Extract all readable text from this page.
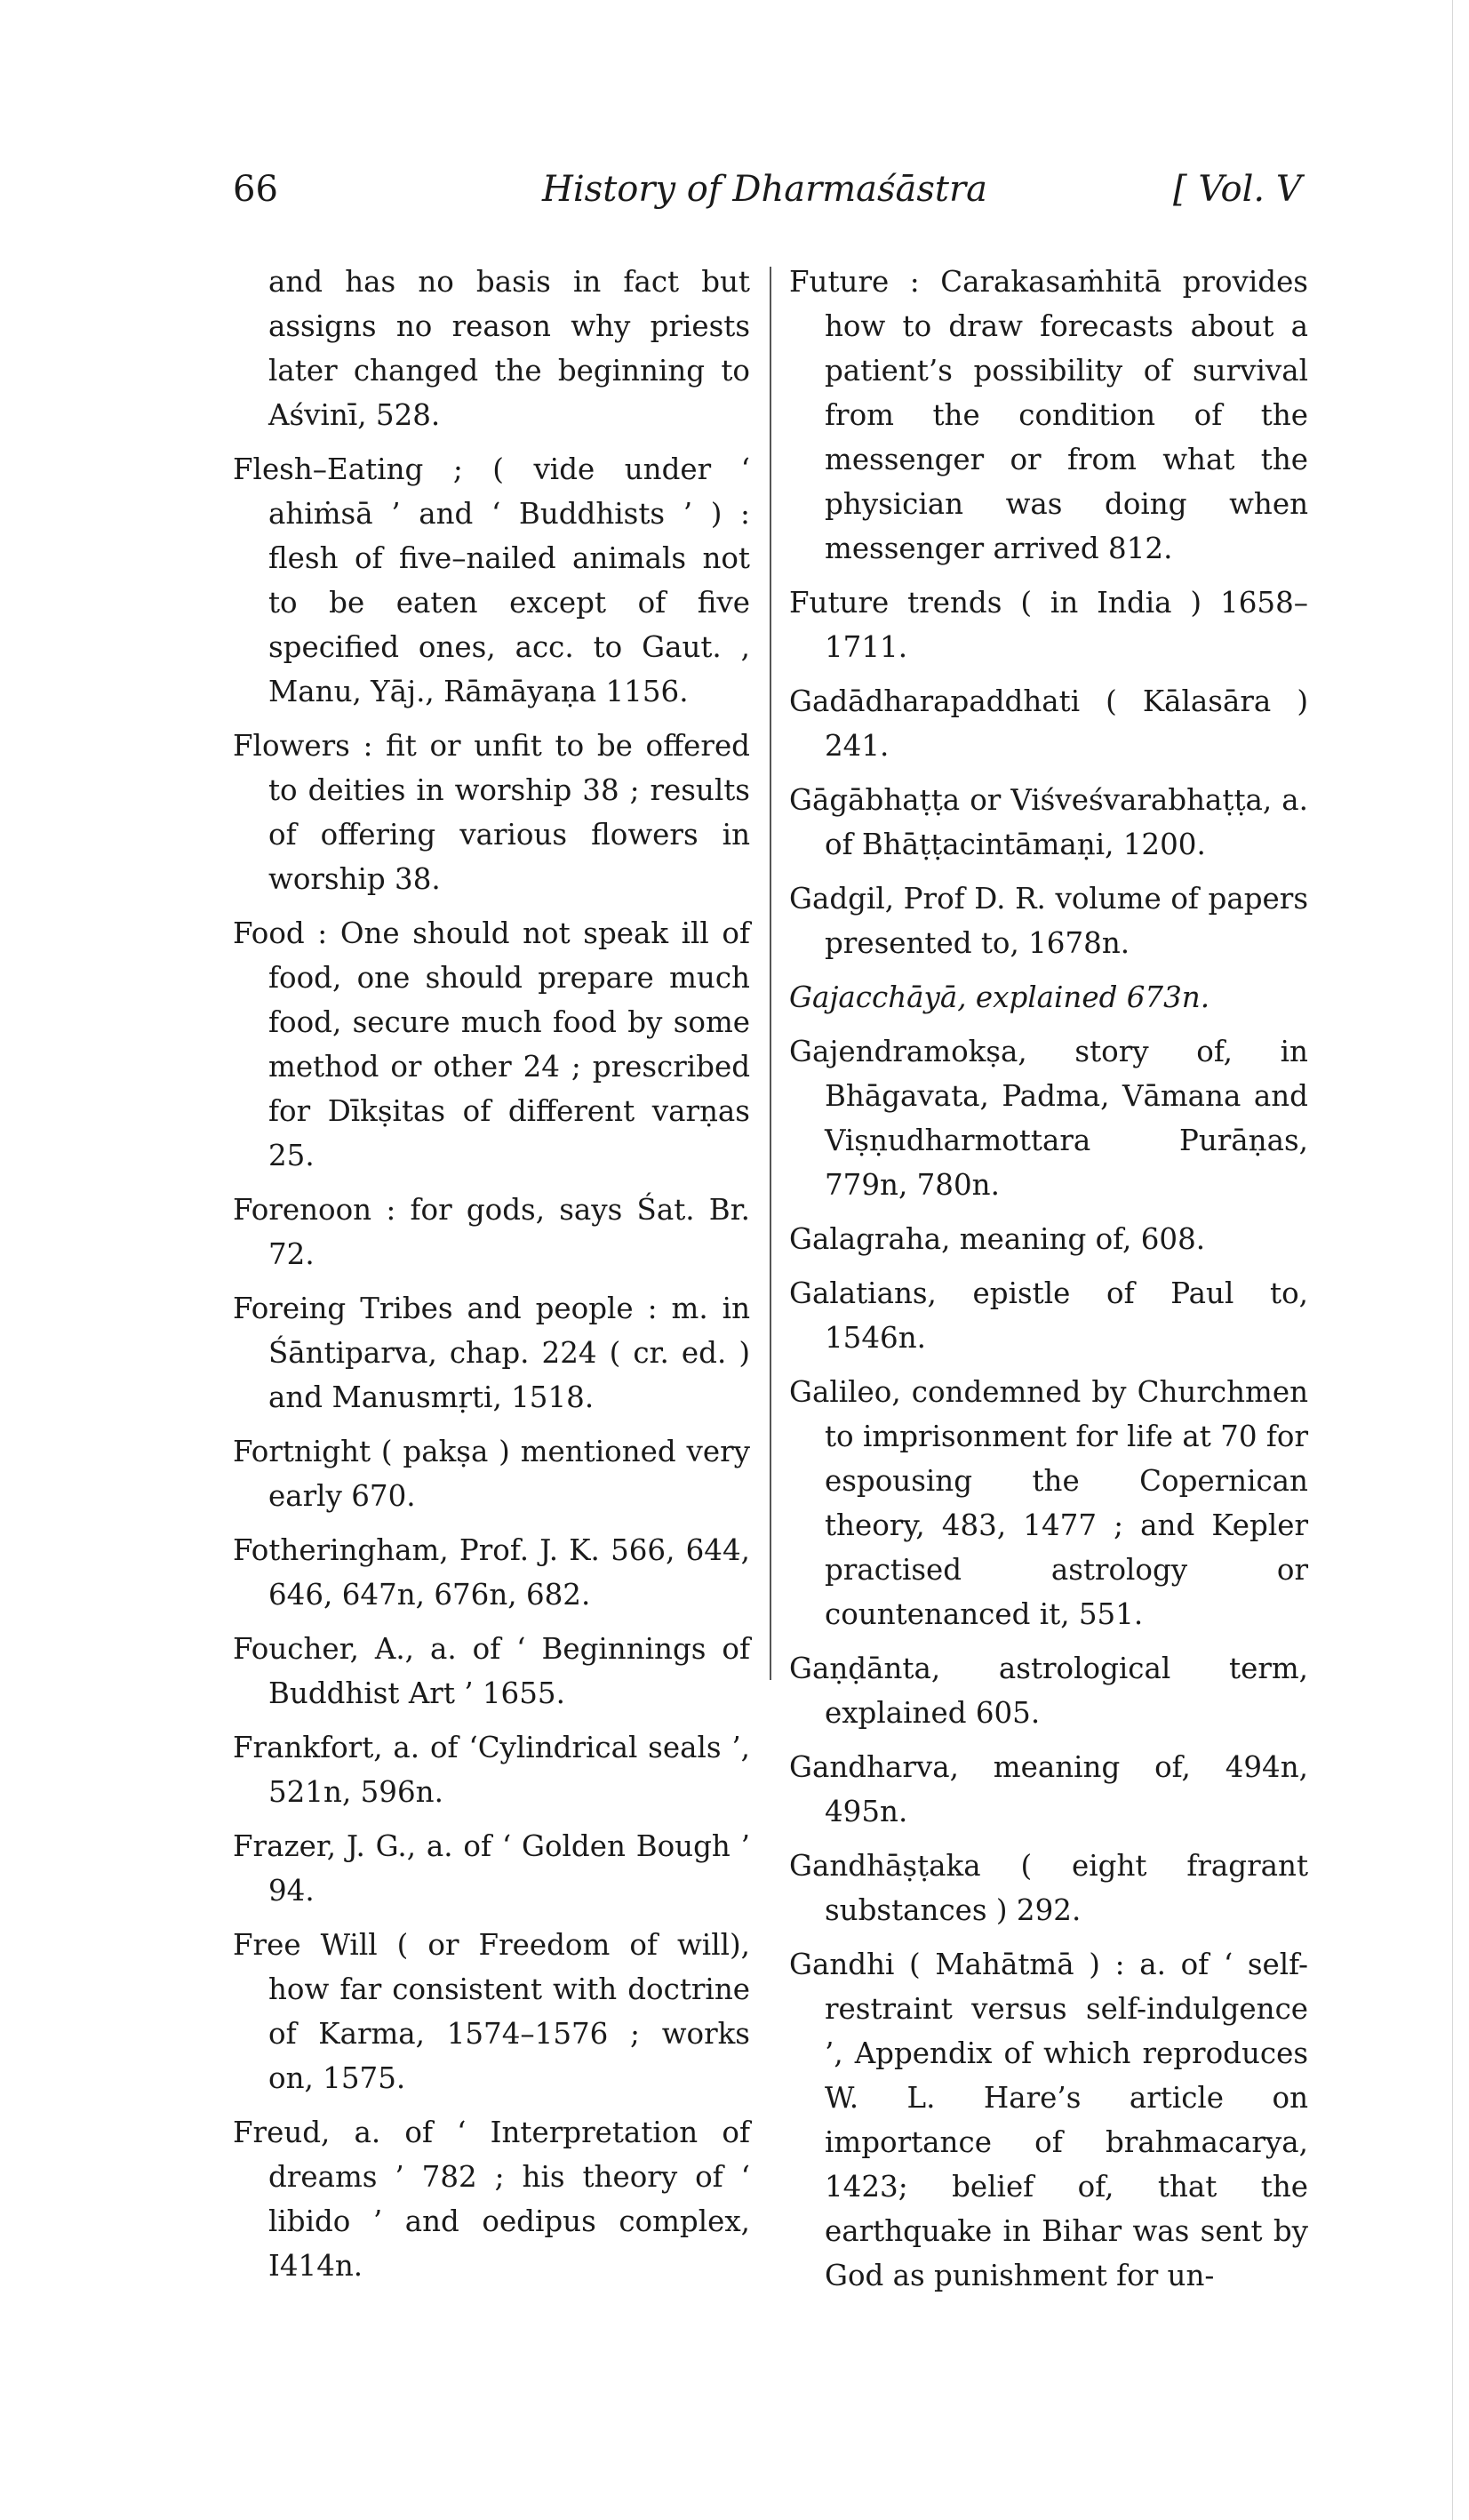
66	History of Dharmaśāstra	[ Vol. V

and has no basis in fact but assigns no reason why priests later changed the beginning to Aśvinī, 528.

Flesh–Eating ; ( vide under ‘ ahiṁsā ’ and ‘ Buddhists ’ ) : flesh of five–nailed animals not to be eaten except of five specified ones, acc. to Gaut. , Manu, Yāj., Rāmāyaṇa 1156.

Flowers : fit or unfit to be offered to deities in worship 38 ; results of offering various flowers in worship 38.

Food : One should not speak ill of food, one should prepare much food, secure much food by some method or other 24 ; prescribed for Dīkṣitas of different varṇas 25.

Forenoon : for gods, says Śat. Br. 72.

Foreing Tribes and people : m. in Śāntiparva, chap. 224 ( cr. ed. ) and Manusmṛti, 1518.

Fortnight ( pakṣa ) mentioned very early 670.

Fotheringham, Prof. J. K. 566, 644, 646, 647n, 676n, 682.

Foucher, A., a. of ‘ Beginnings of Buddhist Art ’ 1655.

Frankfort, a. of ‘Cylindrical seals ’, 521n, 596n.

Frazer, J. G., a. of ‘ Golden Bough ’ 94.

Free Will ( or Freedom of will), how far consistent with doctrine of Karma, 1574–1576 ; works on, 1575.

Freud, a. of ‘ Interpretation of dreams ’ 782 ; his theory of ‘ libido ’ and oedipus complex, I414n.

Future : Carakasaṁhitā provides how to draw forecasts about a patient’s possibility of survival from the condition of the messenger or from what the physician was doing when messenger arrived 812.

Future trends ( in India ) 1658–1711.

Gadādharapaddhati ( Kālasāra ) 241.

Gāgābhaṭṭa or Viśveśvarabhaṭṭa, a. of Bhāṭṭacintāmaṇi, 1200.

Gadgil, Prof D. R. volume of papers presented to, 1678n.

Gajacchāyā, explained 673n.

Gajendramokṣa, story of, in Bhāgavata, Padma, Vāmana and Viṣṇudharmottara Purāṇas, 779n, 780n.

Galagraha, meaning of, 608.

Galatians, epistle of Paul to, 1546n.

Galileo, condemned by Churchmen to imprisonment for life at 70 for espousing the Copernican theory, 483, 1477 ; and Kepler practised astrology or countenanced it, 551.

Gaṇḍānta, astrological term, explained 605.

Gandharva, meaning of, 494n, 495n.

Gandhāṣṭaka ( eight fragrant substances ) 292.

Gandhi ( Mahātmā ) : a. of ‘ self-restraint versus self-indulgence ’, Appendix of which reproduces W. L. Hare’s article on importance of brahmacarya, 1423; belief of, that the earthquake in Bihar was sent by God as punishment for un-
